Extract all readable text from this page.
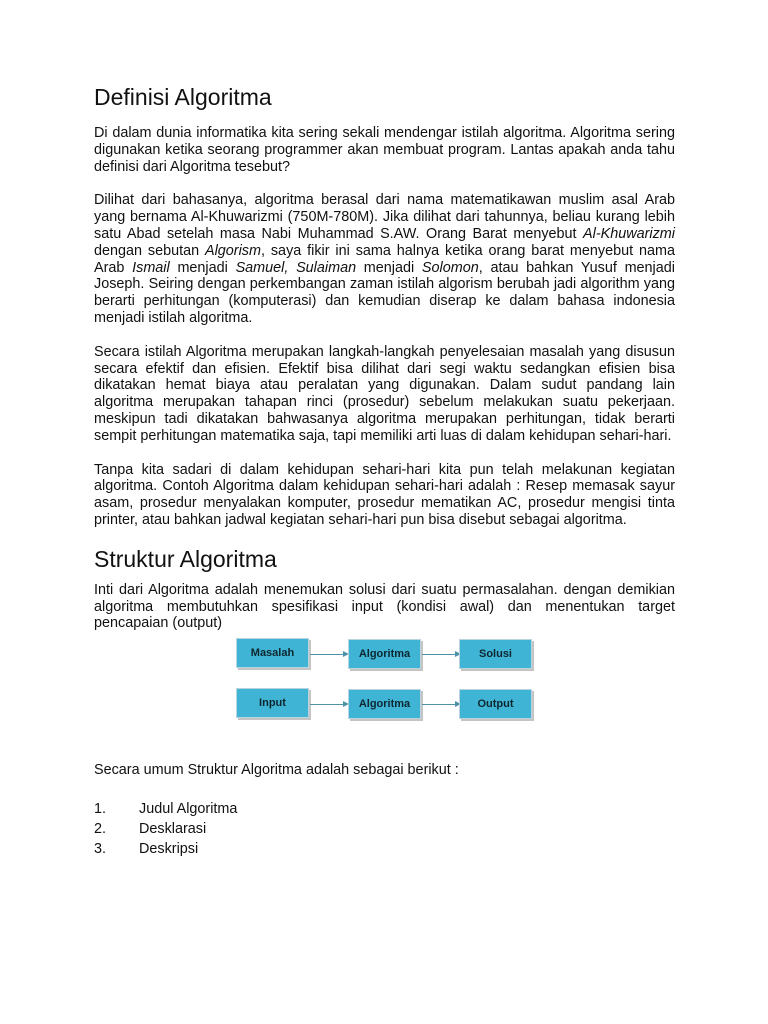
Definisi Algoritma

Di dalam dunia informatika kita sering sekali mendengar istilah algoritma. Algoritma sering digunakan ketika seorang programmer akan membuat program. Lantas apakah anda tahu definisi dari Algoritma tesebut?

Dilihat dari bahasanya, algoritma berasal dari nama matematikawan muslim asal Arab yang bernama Al-Khuwarizmi (750M-780M). Jika dilihat dari tahunnya, beliau kurang lebih satu Abad setelah masa Nabi Muhammad S.AW. Orang Barat menyebut Al-Khuwarizmi dengan sebutan Algorism, saya fikir ini sama halnya ketika orang barat menyebut nama Arab Ismail menjadi Samuel, Sulaiman menjadi Solomon, atau bahkan Yusuf menjadi Joseph. Seiring dengan perkembangan zaman istilah algorism berubah jadi algorithm yang berarti perhitungan (komputerasi) dan kemudian diserap ke dalam bahasa indonesia menjadi istilah algoritma.

Secara istilah Algoritma merupakan langkah-langkah penyelesaian masalah yang disusun secara efektif dan efisien. Efektif bisa dilihat dari segi waktu sedangkan efisien bisa dikatakan hemat biaya atau peralatan yang digunakan. Dalam sudut pandang lain algoritma merupakan tahapan rinci (prosedur) sebelum melakukan suatu pekerjaan. meskipun tadi dikatakan bahwasanya algoritma merupakan perhitungan, tidak berarti sempit perhitungan matematika saja, tapi memiliki arti luas di dalam kehidupan sehari-hari.

Tanpa kita sadari di dalam kehidupan sehari-hari kita pun telah melakunan kegiatan algoritma. Contoh Algoritma dalam kehidupan sehari-hari adalah : Resep memasak sayur asam, prosedur menyalakan komputer, prosedur mematikan AC, prosedur mengisi tinta printer, atau bahkan jadwal kegiatan sehari-hari pun bisa disebut sebagai algoritma.

Struktur Algoritma

Inti dari Algoritma adalah menemukan solusi dari suatu permasalahan. dengan demikian algoritma membutuhkan spesifikasi input (kondisi awal) dan menentukan target pencapaian (output)

Masalah	Algoritma	Solusi
Input	Algoritma	Output

Secara umum Struktur Algoritma adalah sebagai berikut :

1.	Judul Algoritma
2.	Desklarasi
3.	Deskripsi
